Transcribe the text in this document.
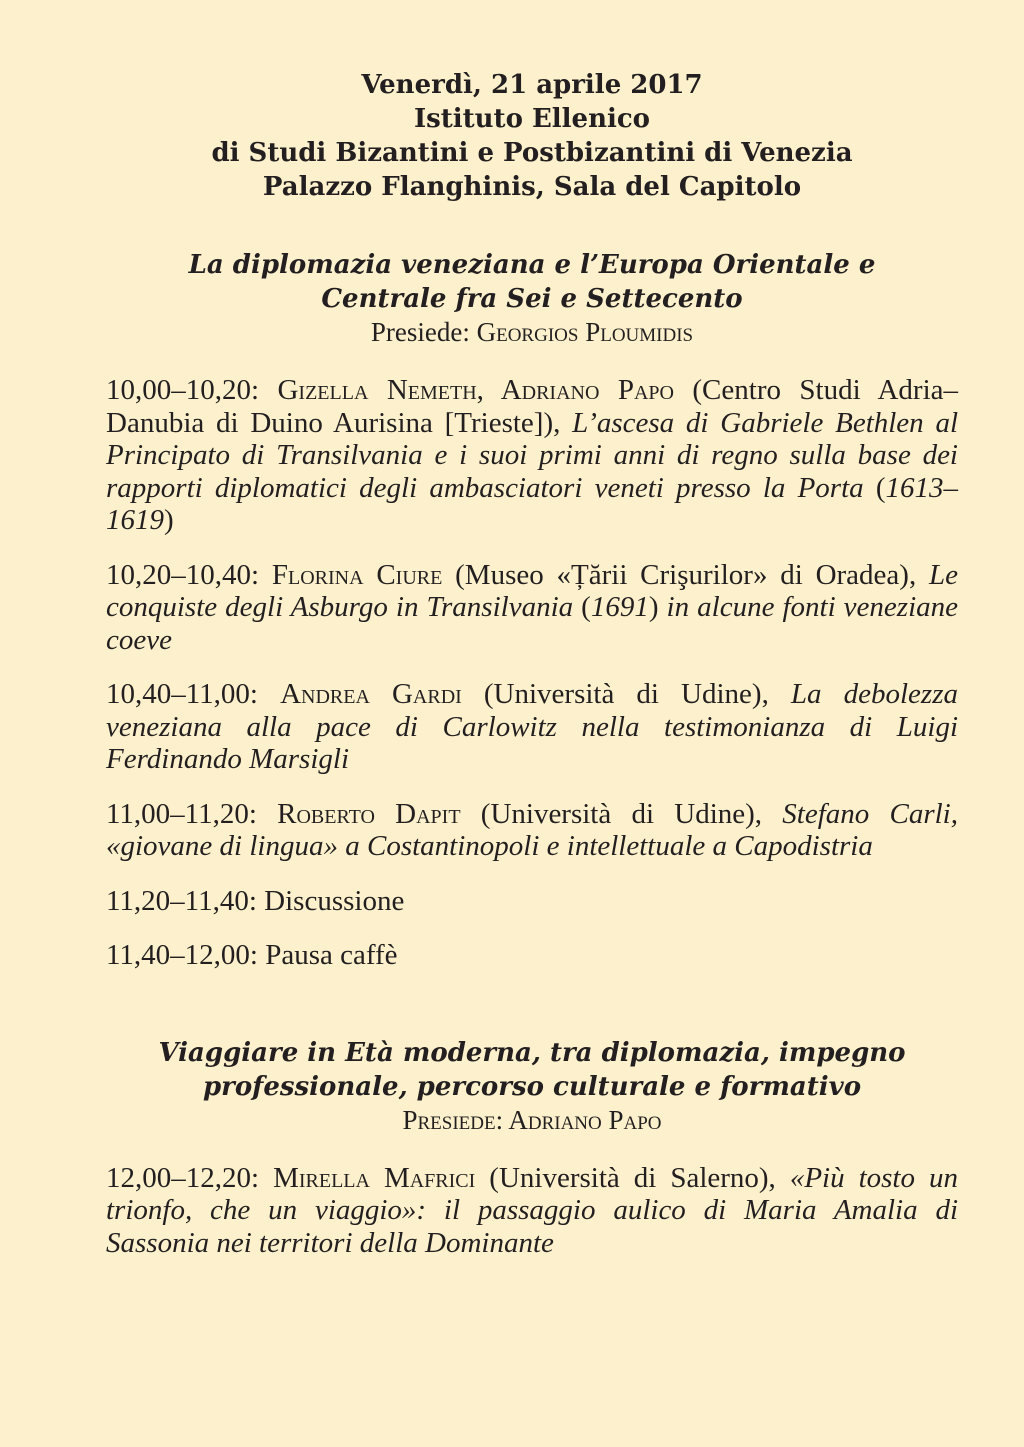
Venerdì, 21 aprile 2017
Istituto Ellenico
di Studi Bizantini e Postbizantini di Venezia
Palazzo Flanghinis, Sala del Capitolo
La diplomazia veneziana e l’Europa Orientale e
Centrale fra Sei e Settecento
Presiede: Georgios Ploumidis

10,00–10,20: Gizella Nemeth, Adriano Papo (Centro Studi Adria–Danubia di Duino Aurisina [Trieste]), L’ascesa di Gabriele Bethlen al Principato di Transilvania e i suoi primi anni di regno sulla base dei rapporti diplomatici degli ambasciatori veneti presso la Porta (1613–1619)

10,20–10,40: Florina Ciure (Museo «Țării Crişurilor» di Oradea), Le conquiste degli Asburgo in Transilvania (1691) in alcune fonti veneziane coeve

10,40–11,00: Andrea Gardi (Università di Udine), La debolezza veneziana alla pace di Carlowitz nella testimonianza di Luigi Ferdinando Marsigli

11,00–11,20: Roberto Dapit (Università di Udine), Stefano Carli, «giovane di lingua» a Costantinopoli e intellettuale a Capodistria

11,20–11,40: Discussione

11,40–12,00: Pausa caffè

Viaggiare in Età moderna, tra diplomazia, impegno
professionale, percorso culturale e formativo
Presiede: Adriano Papo

12,00–12,20: Mirella Mafrici (Università di Salerno), «Più tosto un trionfo, che un viaggio»: il passaggio aulico di Maria Amalia di Sassonia nei territori della Dominante
